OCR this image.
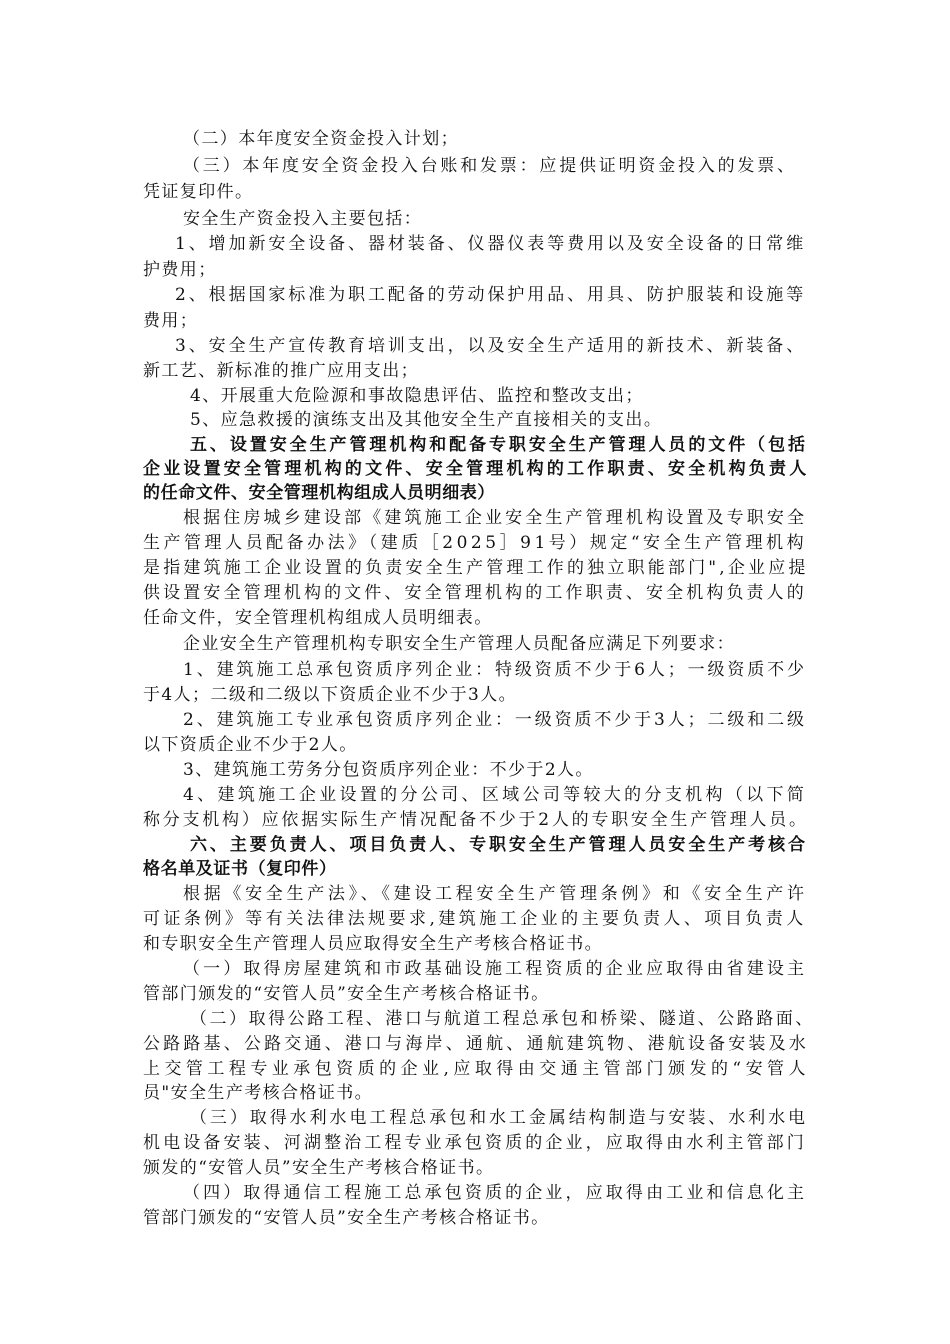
（二）本年度安全资金投入计划；

（三）本年度安全资金投入台账和发票：应提供证明资金投入的发票、

凭证复印件。

安全生产资金投入主要包括：

1、增加新安全设备、器材装备、仪器仪表等费用以及安全设备的日常维

护费用；

2、根据国家标准为职工配备的劳动保护用品、用具、防护服装和设施等

费用；

3、安全生产宣传教育培训支出，以及安全生产适用的新技术、新装备、

新工艺、新标准的推广应用支出；

4、开展重大危险源和事故隐患评估、监控和整改支出；

5、应急救援的演练支出及其他安全生产直接相关的支出。

五、设置安全生产管理机构和配备专职安全生产管理人员的文件（包括

企业设置安全管理机构的文件、安全管理机构的工作职责、安全机构负责人

的任命文件、安全管理机构组成人员明细表）

根据住房城乡建设部《建筑施工企业安全生产管理机构设置及专职安全

生产管理人员配备办法》（建质［2025］91号）规定“安全生产管理机构

是指建筑施工企业设置的负责安全生产管理工作的独立职能部门",企业应提

供设置安全管理机构的文件、安全管理机构的工作职责、安全机构负责人的

任命文件，安全管理机构组成人员明细表。

企业安全生产管理机构专职安全生产管理人员配备应满足下列要求：

1、建筑施工总承包资质序列企业：特级资质不少于6人；一级资质不少

于4人；二级和二级以下资质企业不少于3人。

2、建筑施工专业承包资质序列企业：一级资质不少于3人；二级和二级

以下资质企业不少于2人。

3、建筑施工劳务分包资质序列企业：不少于2人。

4、建筑施工企业设置的分公司、区域公司等较大的分支机构（以下简

称分支机构）应依据实际生产情况配备不少于2人的专职安全生产管理人员。

六、主要负责人、项目负责人、专职安全生产管理人员安全生产考核合

格名单及证书（复印件）

根据《安全生产法》、《建设工程安全生产管理条例》和《安全生产许

可证条例》等有关法律法规要求,建筑施工企业的主要负责人、项目负责人

和专职安全生产管理人员应取得安全生产考核合格证书。

（一）取得房屋建筑和市政基础设施工程资质的企业应取得由省建设主

管部门颁发的“安管人员”安全生产考核合格证书。

（二）取得公路工程、港口与航道工程总承包和桥梁、隧道、公路路面、

公路路基、公路交通、港口与海岸、通航、通航建筑物、港航设备安装及水

上交管工程专业承包资质的企业,应取得由交通主管部门颁发的“安管人

员"安全生产考核合格证书。

（三）取得水利水电工程总承包和水工金属结构制造与安装、水利水电

机电设备安装、河湖整治工程专业承包资质的企业，应取得由水利主管部门

颁发的“安管人员”安全生产考核合格证书。

（四）取得通信工程施工总承包资质的企业，应取得由工业和信息化主

管部门颁发的“安管人员”安全生产考核合格证书。
